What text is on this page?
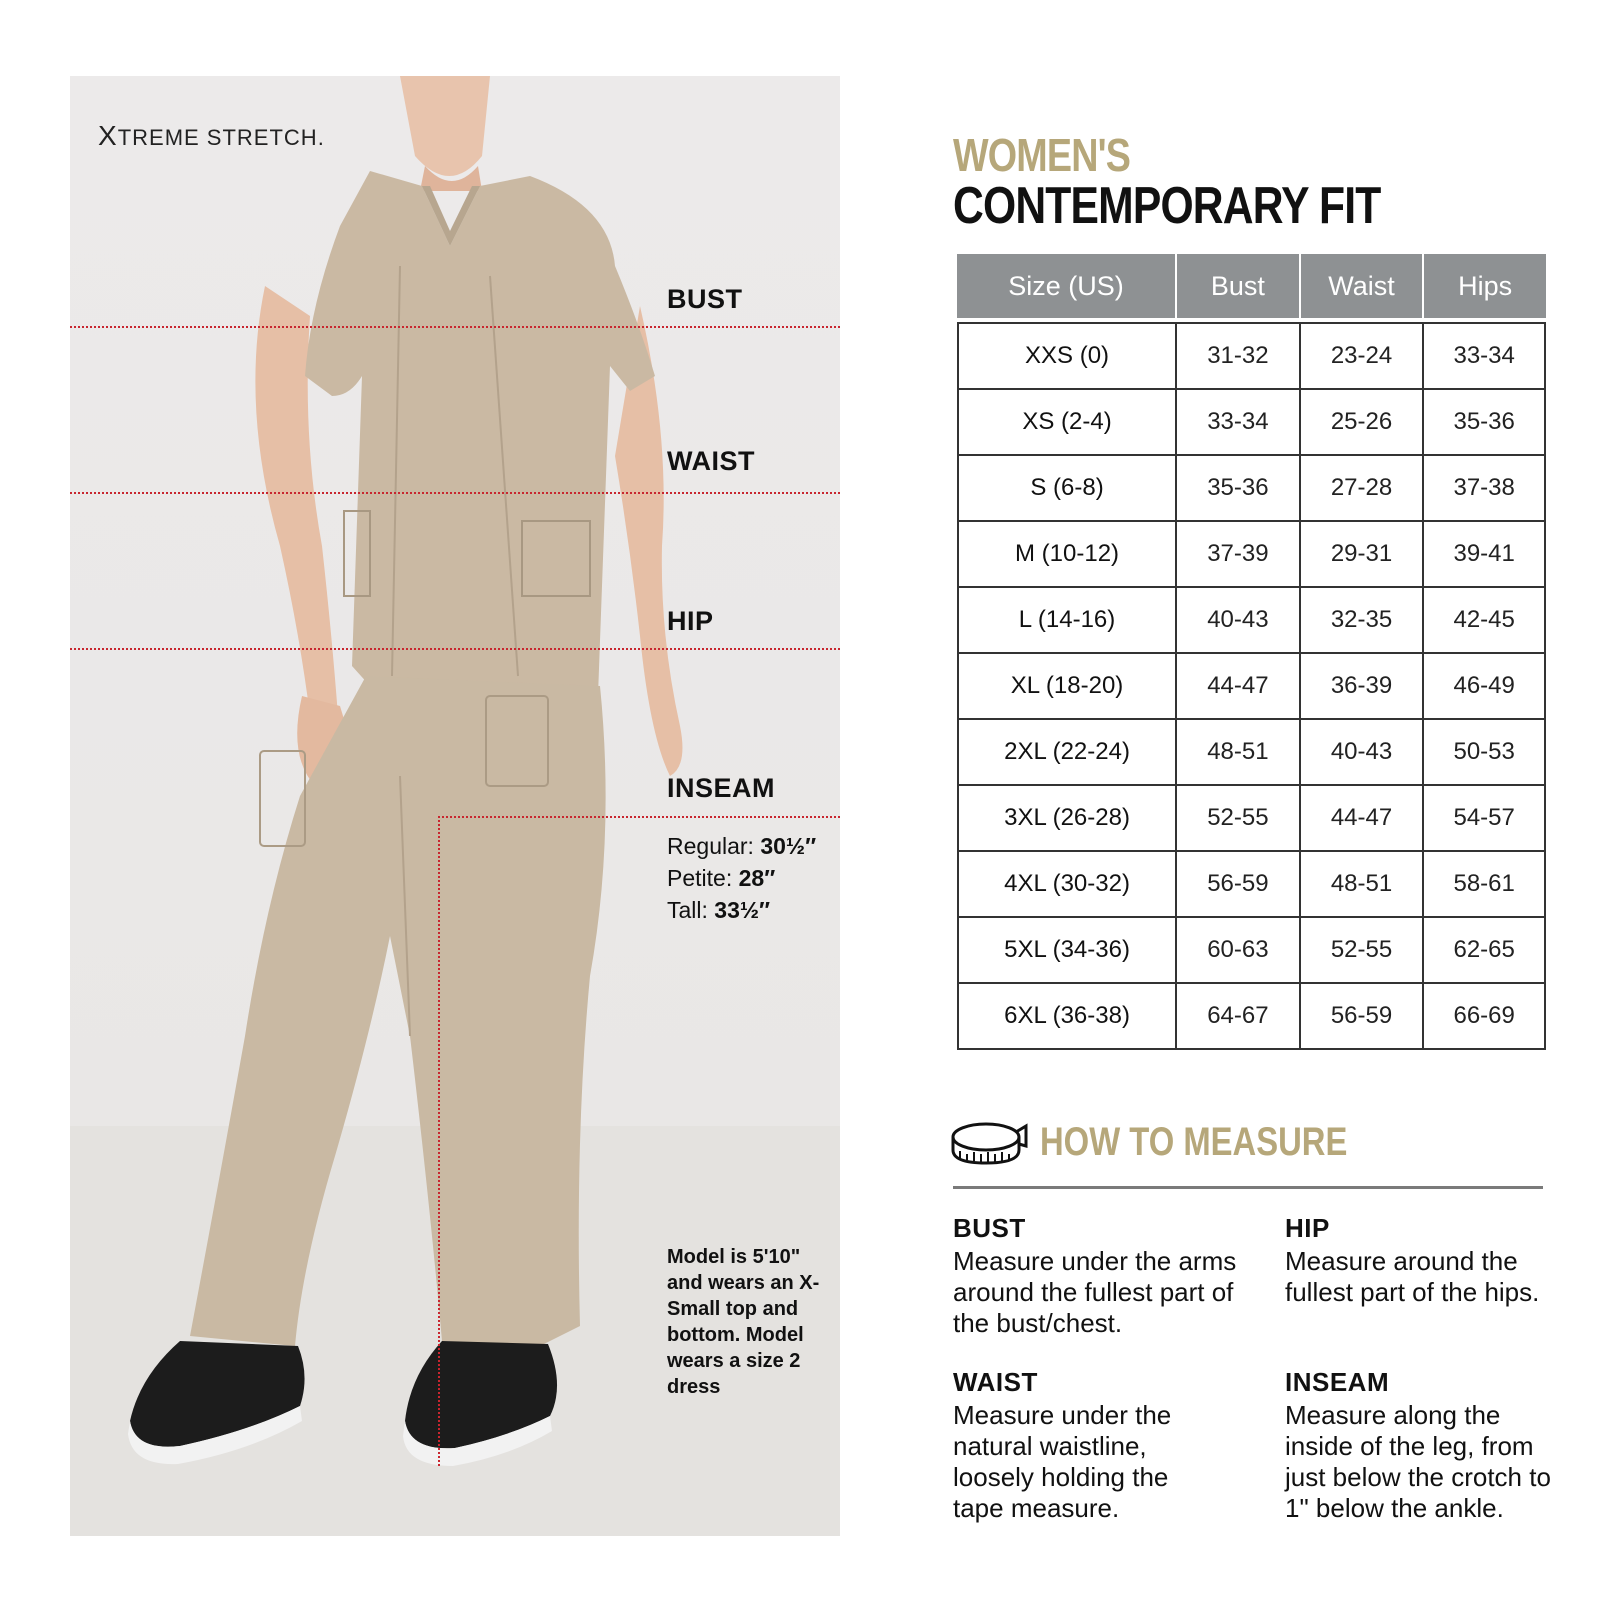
XTREME STRETCH.
BUST
WAIST
HIP
INSEAM
Regular: 30½″
Petite: 28″
Tall: 33½″
Model is 5'10" and wears an X-Small top and bottom. Model wears a size 2 dress
WOMEN'S
CONTEMPORARY FIT
Size (US)	Bust	Waist	Hips

XXS (0)	31-32	23-24	33-34
XS (2-4)	33-34	25-26	35-36
S (6-8)	35-36	27-28	37-38
M (10-12)	37-39	29-31	39-41
L (14-16)	40-43	32-35	42-45
XL (18-20)	44-47	36-39	46-49
2XL (22-24)	48-51	40-43	50-53
3XL (26-28)	52-55	44-47	54-57
4XL (30-32)	56-59	48-51	58-61
5XL (34-36)	60-63	52-55	62-65
6XL (36-38)	64-67	56-59	66-69
HOW TO MEASURE
BUST
Measure under the arms around the fullest part of the bust/chest.
HIP
Measure around the fullest part of the hips.
WAIST
Measure under the natural waistline, loosely holding the tape measure.
INSEAM
Measure along the inside of the leg, from just below the crotch to 1" below the ankle.
